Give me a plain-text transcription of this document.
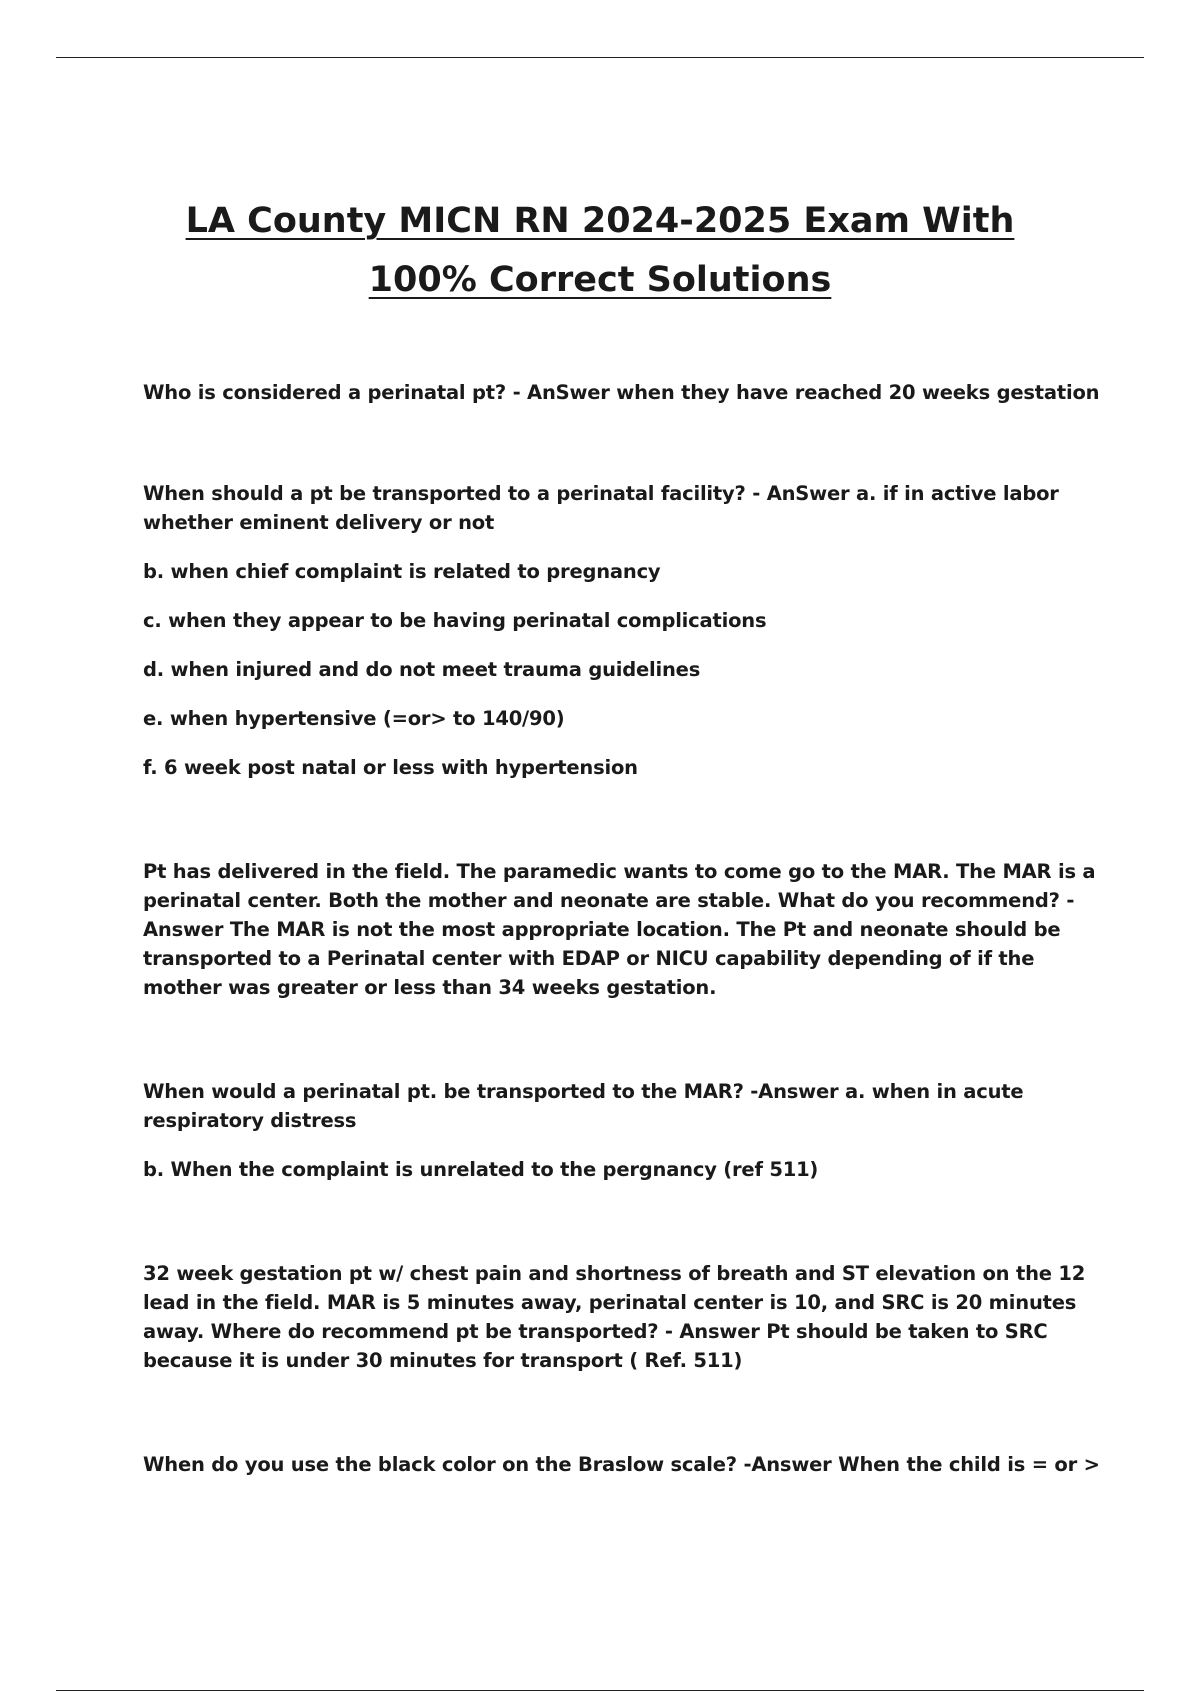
LA County MICN RN 2024-2025 Exam With
100% Correct Solutions

Who is considered a perinatal pt? - AnSwer when they have reached 20 weeks gestation

When should a pt be transported to a perinatal facility? - AnSwer a. if in active labor whether eminent delivery or not

b. when chief complaint is related to pregnancy

c. when they appear to be having perinatal complications

d. when injured and do not meet trauma guidelines

e. when hypertensive (=or> to 140/90)

f. 6 week post natal or less with hypertension

Pt has delivered in the field. The paramedic wants to come go to the MAR. The MAR is a perinatal center. Both the mother and neonate are stable. What do you recommend? - Answer The MAR is not the most appropriate location. The Pt and neonate should be transported to a Perinatal center with EDAP or NICU capability depending of if the mother was greater or less than 34 weeks gestation.

When would a perinatal pt. be transported to the MAR? -Answer a. when in acute respiratory distress

b. When the complaint is unrelated to the pergnancy (ref 511)

32 week gestation pt w/ chest pain and shortness of breath and ST elevation on the 12 lead in the field. MAR is 5 minutes away, perinatal center is 10, and SRC is 20 minutes away. Where do recommend pt be transported? - Answer Pt should be taken to SRC because it is under 30 minutes for transport ( Ref. 511)

When do you use the black color on the Braslow scale? -Answer When the child is = or >
